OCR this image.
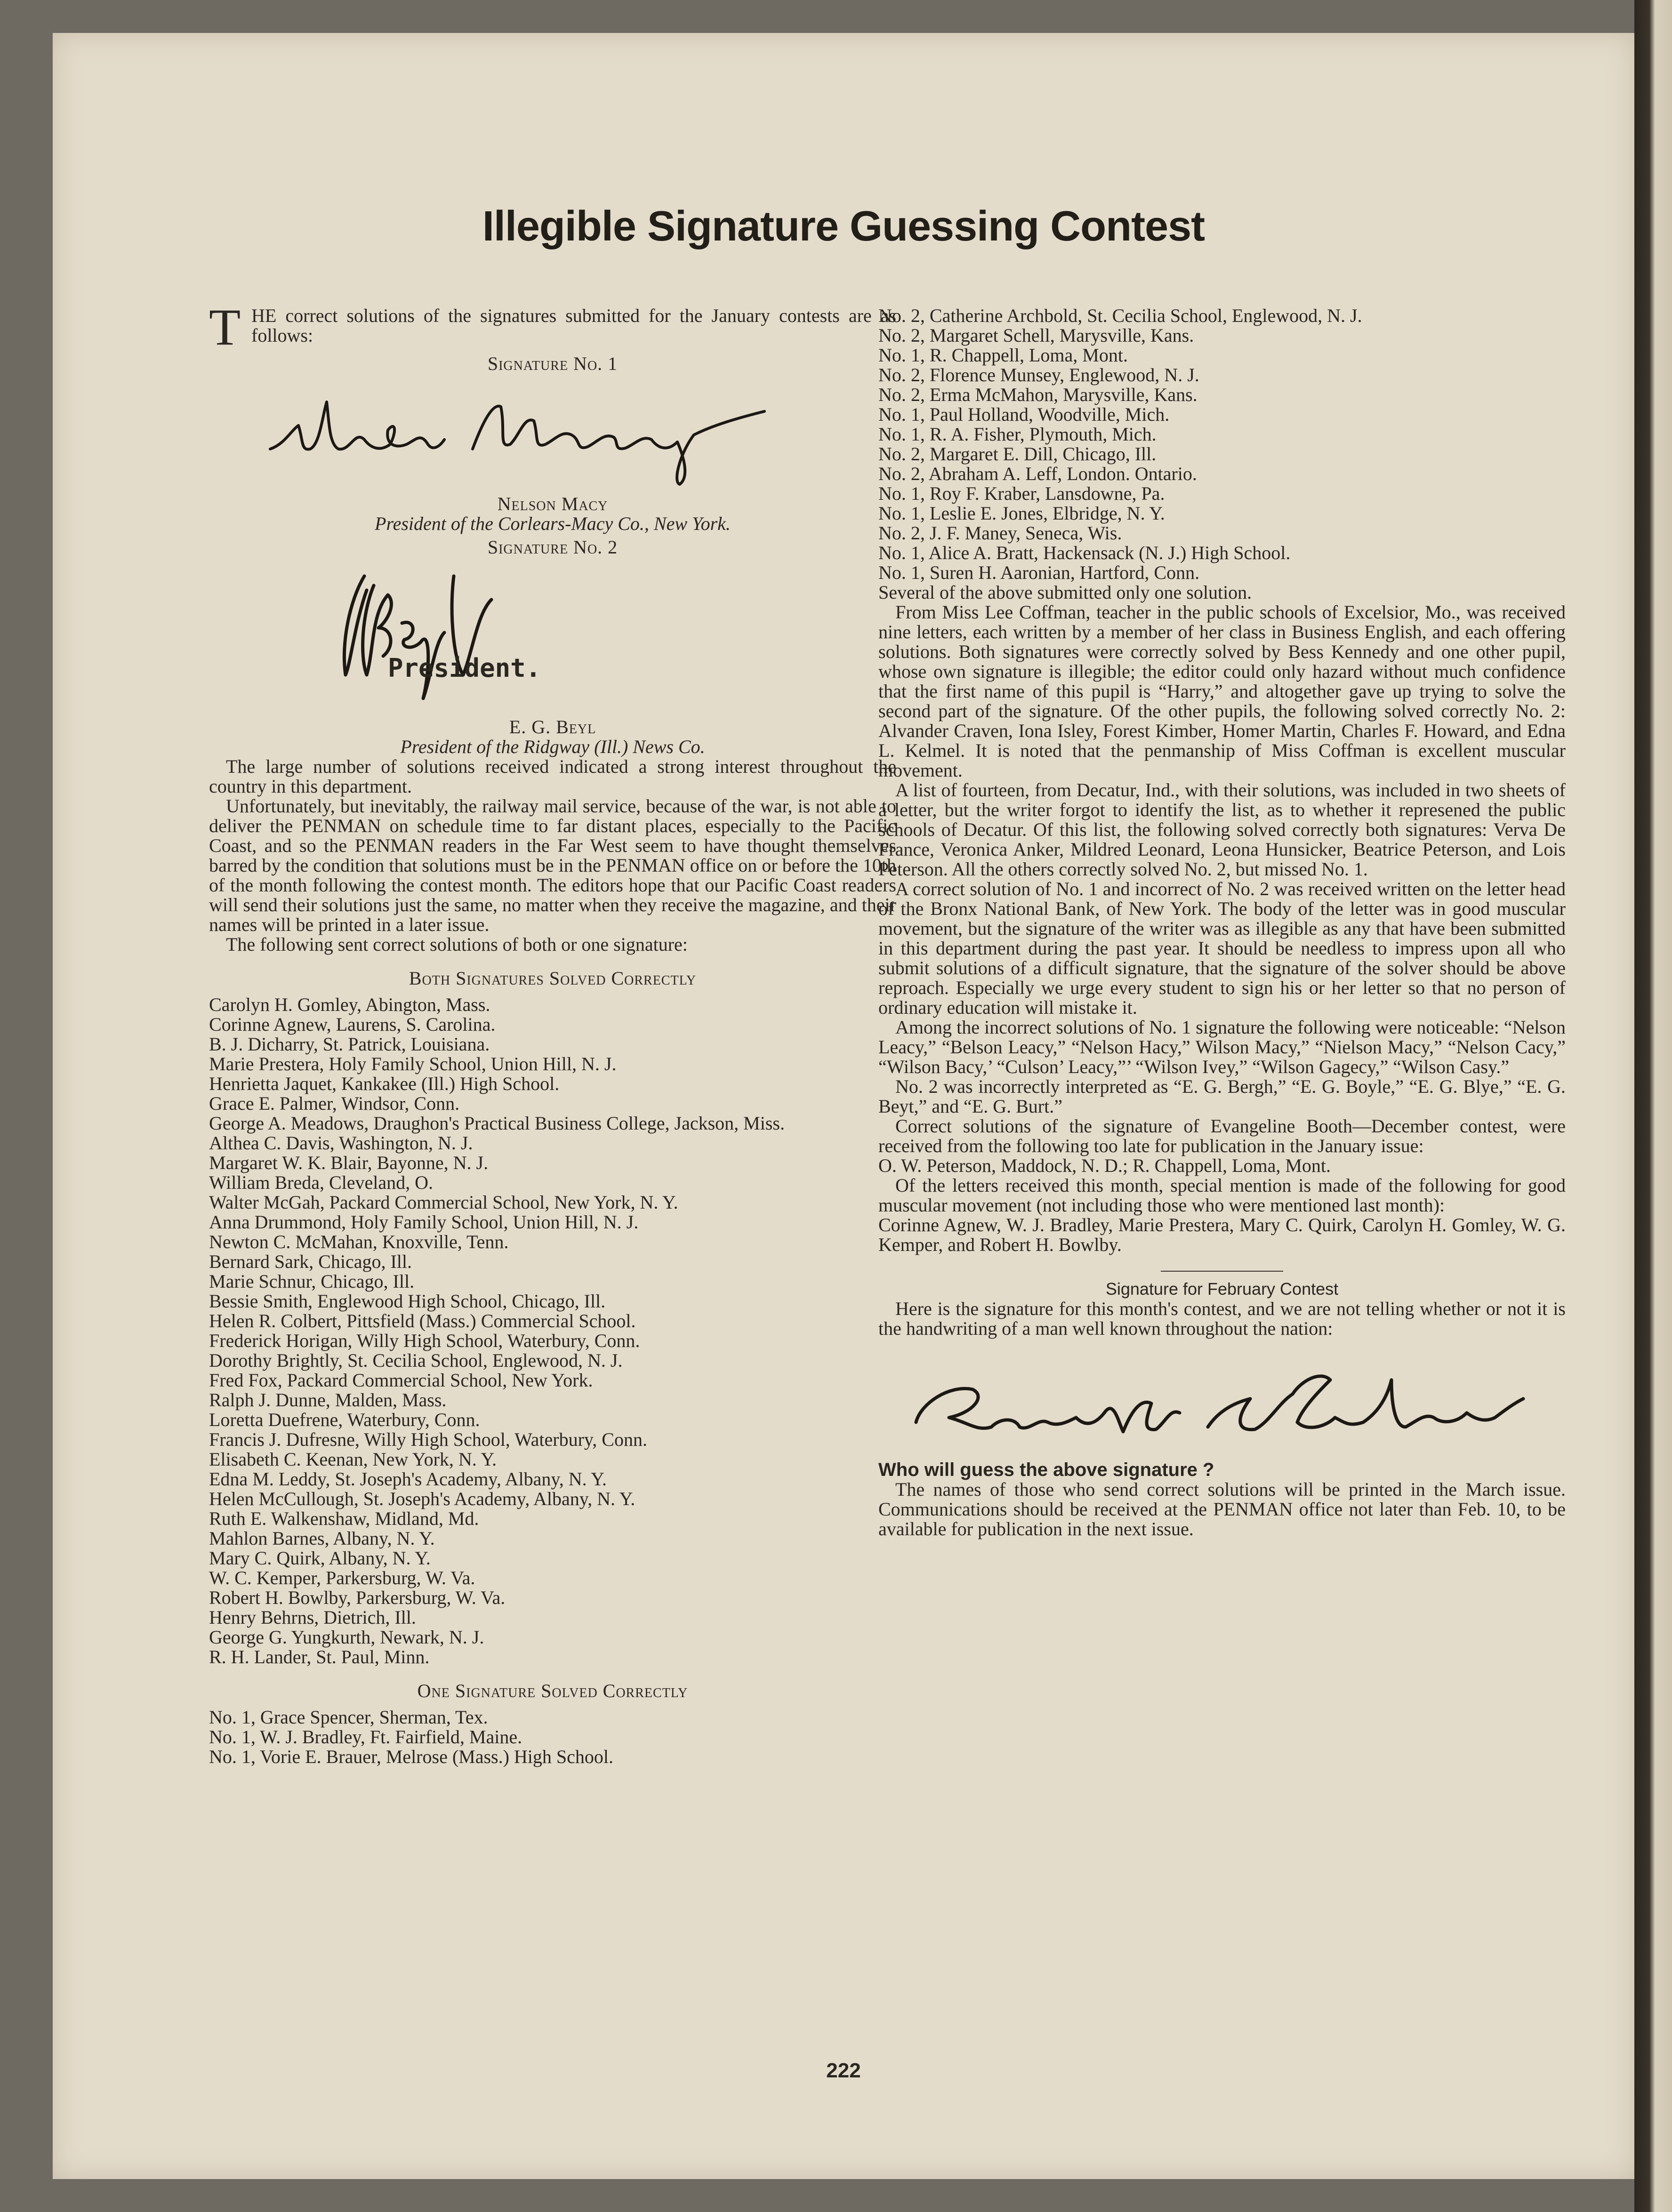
Illegible Signature Guessing Contest

T HE correct solutions of the signatures submitted for the January contests are as follows:

Signature No. 1

Nelson Macy

President of the Corlears-Macy Co., New York.

Signature No. 2

President.

E. G. Beyl

President of the Ridgway (Ill.) News Co.

The large number of solutions received indicated a strong interest throughout the country in this department.

Unfortunately, but inevitably, the railway mail service, because of the war, is not able to deliver the PENMAN on schedule time to far distant places, especially to the Pacific Coast, and so the PENMAN readers in the Far West seem to have thought themselves barred by the condition that solutions must be in the PENMAN office on or before the 10th of the month following the contest month. The editors hope that our Pacific Coast readers will send their solutions just the same, no matter when they receive the magazine, and their names will be printed in a later issue.

The following sent correct solutions of both or one signature:

Both Signatures Solved Correctly

Carolyn H. Gomley, Abington, Mass.

Corinne Agnew, Laurens, S. Carolina.

B. J. Dicharry, St. Patrick, Louisiana.

Marie Prestera, Holy Family School, Union Hill, N. J.

Henrietta Jaquet, Kankakee (Ill.) High School.

Grace E. Palmer, Windsor, Conn.

George A. Meadows, Draughon's Practical Business College, Jackson, Miss.

Althea C. Davis, Washington, N. J.

Margaret W. K. Blair, Bayonne, N. J.

William Breda, Cleveland, O.

Walter McGah, Packard Commercial School, New York, N. Y.

Anna Drummond, Holy Family School, Union Hill, N. J.

Newton C. McMahan, Knoxville, Tenn.

Bernard Sark, Chicago, Ill.

Marie Schnur, Chicago, Ill.

Bessie Smith, Englewood High School, Chicago, Ill.

Helen R. Colbert, Pittsfield (Mass.) Commercial School.

Frederick Horigan, Willy High School, Waterbury, Conn.

Dorothy Brightly, St. Cecilia School, Englewood, N. J.

Fred Fox, Packard Commercial School, New York.

Ralph J. Dunne, Malden, Mass.

Loretta Duefrene, Waterbury, Conn.

Francis J. Dufresne, Willy High School, Waterbury, Conn.

Elisabeth C. Keenan, New York, N. Y.

Edna M. Leddy, St. Joseph's Academy, Albany, N. Y.

Helen McCullough, St. Joseph's Academy, Albany, N. Y.

Ruth E. Walkenshaw, Midland, Md.

Mahlon Barnes, Albany, N. Y.

Mary C. Quirk, Albany, N. Y.

W. C. Kemper, Parkersburg, W. Va.

Robert H. Bowlby, Parkersburg, W. Va.

Henry Behrns, Dietrich, Ill.

George G. Yungkurth, Newark, N. J.

R. H. Lander, St. Paul, Minn.

One Signature Solved Correctly

No. 1, Grace Spencer, Sherman, Tex.

No. 1, W. J. Bradley, Ft. Fairfield, Maine.

No. 1, Vorie E. Brauer, Melrose (Mass.) High School.

No. 2, Catherine Archbold, St. Cecilia School, Englewood, N. J.

No. 2, Margaret Schell, Marysville, Kans.

No. 1, R. Chappell, Loma, Mont.

No. 2, Florence Munsey, Englewood, N. J.

No. 2, Erma McMahon, Marysville, Kans.

No. 1, Paul Holland, Woodville, Mich.

No. 1, R. A. Fisher, Plymouth, Mich.

No. 2, Margaret E. Dill, Chicago, Ill.

No. 2, Abraham A. Leff, London. Ontario.

No. 1, Roy F. Kraber, Lansdowne, Pa.

No. 1, Leslie E. Jones, Elbridge, N. Y.

No. 2, J. F. Maney, Seneca, Wis.

No. 1, Alice A. Bratt, Hackensack (N. J.) High School.

No. 1, Suren H. Aaronian, Hartford, Conn.

Several of the above submitted only one solution.

From Miss Lee Coffman, teacher in the public schools of Excelsior, Mo., was received nine letters, each written by a member of her class in Business English, and each offering solutions. Both signatures were correctly solved by Bess Kennedy and one other pupil, whose own signature is illegible; the editor could only hazard without much confidence that the first name of this pupil is “Harry,” and altogether gave up trying to solve the second part of the signature. Of the other pupils, the following solved correctly No. 2: Alvander Craven, Iona Isley, Forest Kimber, Homer Martin, Charles F. Howard, and Edna L. Kelmel. It is noted that the penmanship of Miss Coffman is excellent muscular movement.

A list of fourteen, from Decatur, Ind., with their solutions, was included in two sheets of a letter, but the writer forgot to identify the list, as to whether it represened the public schools of Decatur. Of this list, the following solved correctly both signatures: Verva De France, Veronica Anker, Mildred Leonard, Leona Hunsicker, Beatrice Peterson, and Lois Peterson. All the others correctly solved No. 2, but missed No. 1.

A correct solution of No. 1 and incorrect of No. 2 was received written on the letter head of the Bronx National Bank, of New York. The body of the letter was in good muscular movement, but the signature of the writer was as illegible as any that have been submitted in this department during the past year. It should be needless to impress upon all who submit solutions of a difficult signature, that the signature of the solver should be above reproach. Especially we urge every student to sign his or her letter so that no person of ordinary education will mistake it.

Among the incorrect solutions of No. 1 signature the following were noticeable: “Nelson Leacy,” “Belson Leacy,” “Nelson Hacy,” Wilson Macy,” “Nielson Macy,” “Nelson Cacy,” “Wilson Bacy,’ “Culson’ Leacy,”’ “Wilson Ivey,” “Wilson Gagecy,” “Wilson Casy.”

No. 2 was incorrectly interpreted as “E. G. Bergh,” “E. G. Boyle,” “E. G. Blye,” “E. G. Beyt,” and “E. G. Burt.”

Correct solutions of the signature of Evangeline Booth—December contest, were received from the following too late for publication in the January issue:

O. W. Peterson, Maddock, N. D.; R. Chappell, Loma, Mont.

Of the letters received this month, special mention is made of the following for good muscular movement (not including those who were mentioned last month):

Corinne Agnew, W. J. Bradley, Marie Prestera, Mary C. Quirk, Carolyn H. Gomley, W. G. Kemper, and Robert H. Bowlby.

Signature for February Contest

Here is the signature for this month's contest, and we are not telling whether or not it is the handwriting of a man well known throughout the nation:

Who will guess the above signature ?

The names of those who send correct solutions will be printed in the March issue. Communications should be received at the PENMAN office not later than Feb. 10, to be available for publication in the next issue.

222
